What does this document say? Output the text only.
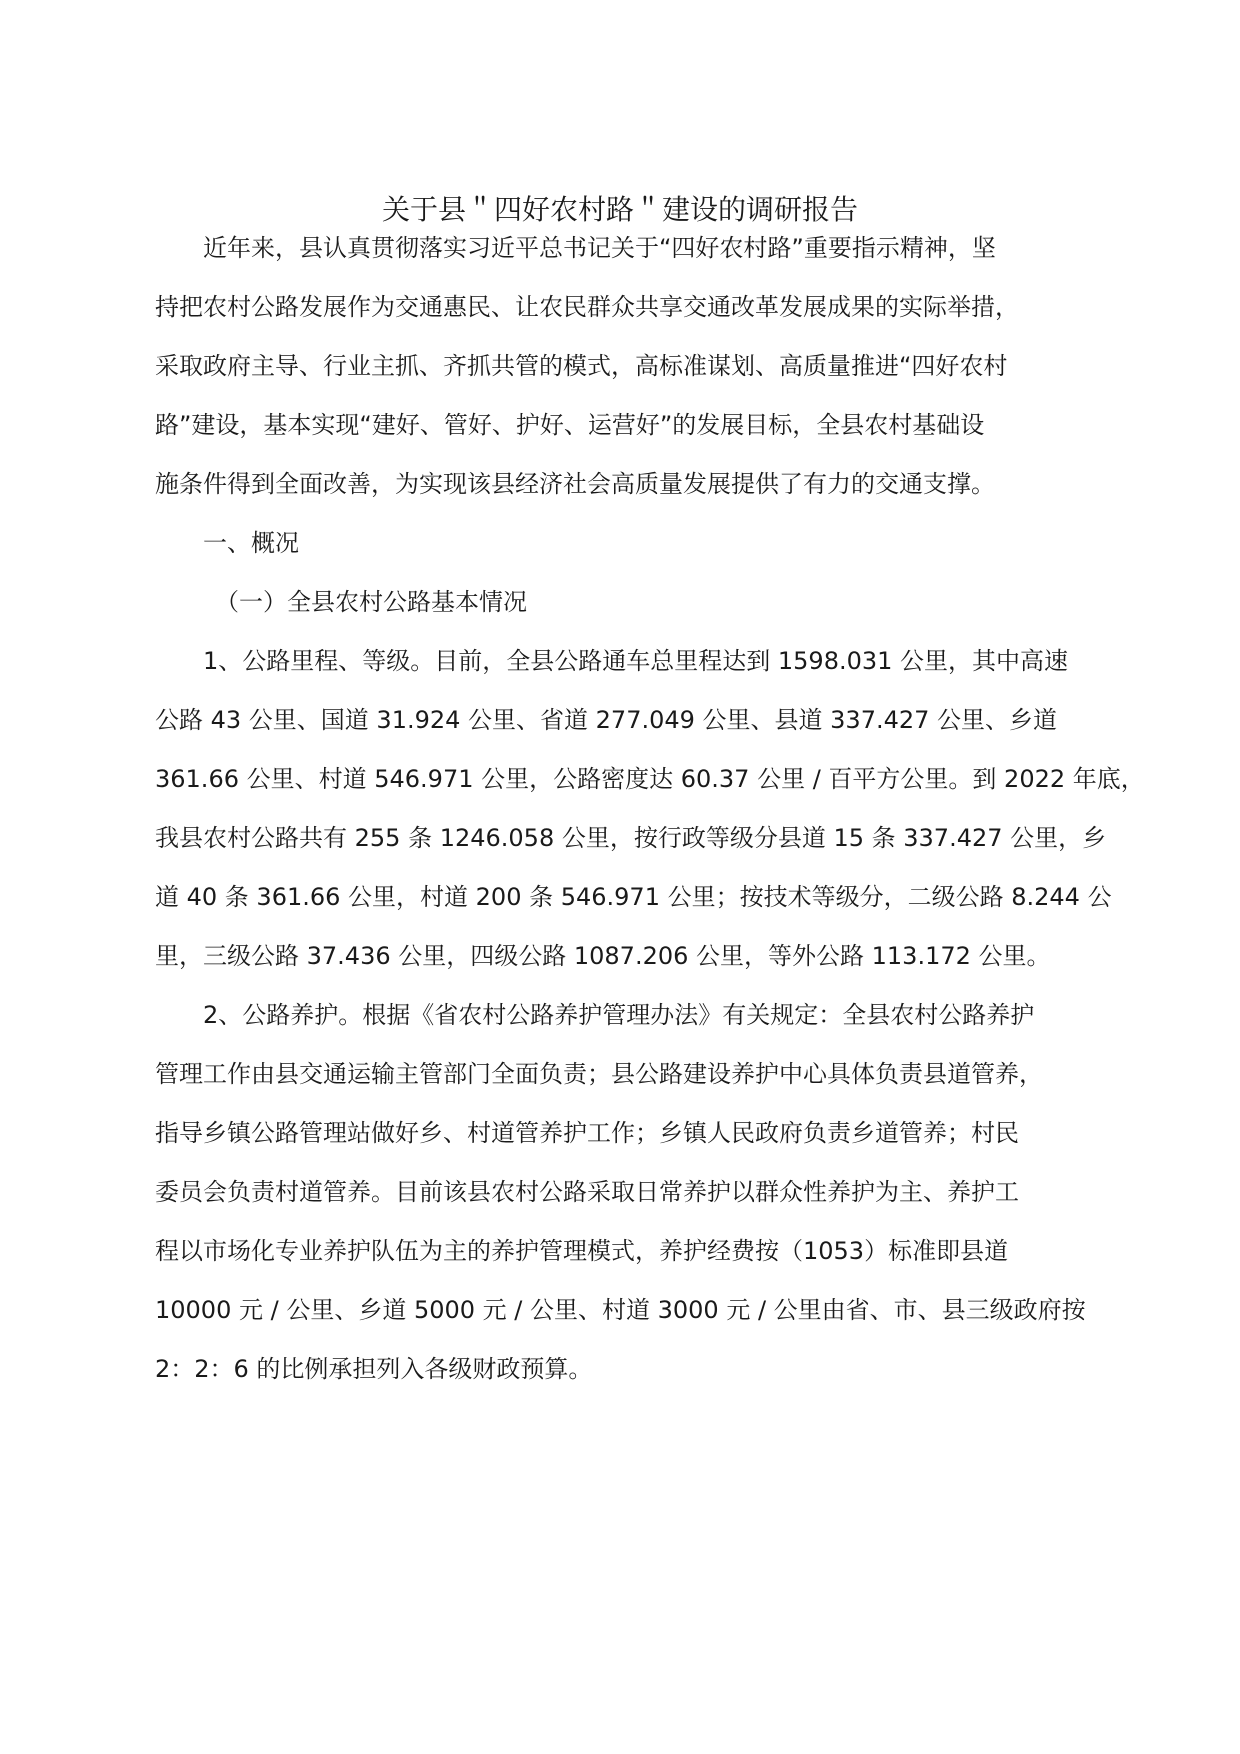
关于县＂四好农村路＂建设的调研报告
近年来，县认真贯彻落实习近平总书记关于“四好农村路”重要指示精神，坚
持把农村公路发展作为交通惠民、让农民群众共享交通改革发展成果的实际举措，
采取政府主导、行业主抓、齐抓共管的模式，高标准谋划、高质量推进“四好农村
路”建设，基本实现“建好、管好、护好、运营好”的发展目标，全县农村基础设
施条件得到全面改善，为实现该县经济社会高质量发展提供了有力的交通支撑。
一、概况
（一）全县农村公路基本情况
1、公路里程、等级。目前，全县公路通车总里程达到 1598.031 公里，其中高速
公路 43 公里、国道 31.924 公里、省道 277.049 公里、县道 337.427 公里、乡道
361.66 公里、村道 546.971 公里，公路密度达 60.37 公里 / 百平方公里。到 2022 年底，
我县农村公路共有 255 条 1246.058 公里，按行政等级分县道 15 条 337.427 公里，乡
道 40 条 361.66 公里，村道 200 条 546.971 公里；按技术等级分，二级公路 8.244 公
里，三级公路 37.436 公里，四级公路 1087.206 公里，等外公路 113.172 公里。
2、公路养护。根据《省农村公路养护管理办法》有关规定：全县农村公路养护
管理工作由县交通运输主管部门全面负责；县公路建设养护中心具体负责县道管养，
指导乡镇公路管理站做好乡、村道管养护工作；乡镇人民政府负责乡道管养；村民
委员会负责村道管养。目前该县农村公路采取日常养护以群众性养护为主、养护工
程以市场化专业养护队伍为主的养护管理模式，养护经费按（1053）标准即县道
10000 元 / 公里、乡道 5000 元 / 公里、村道 3000 元 / 公里由省、市、县三级政府按
2：2：6 的比例承担列入各级财政预算。
